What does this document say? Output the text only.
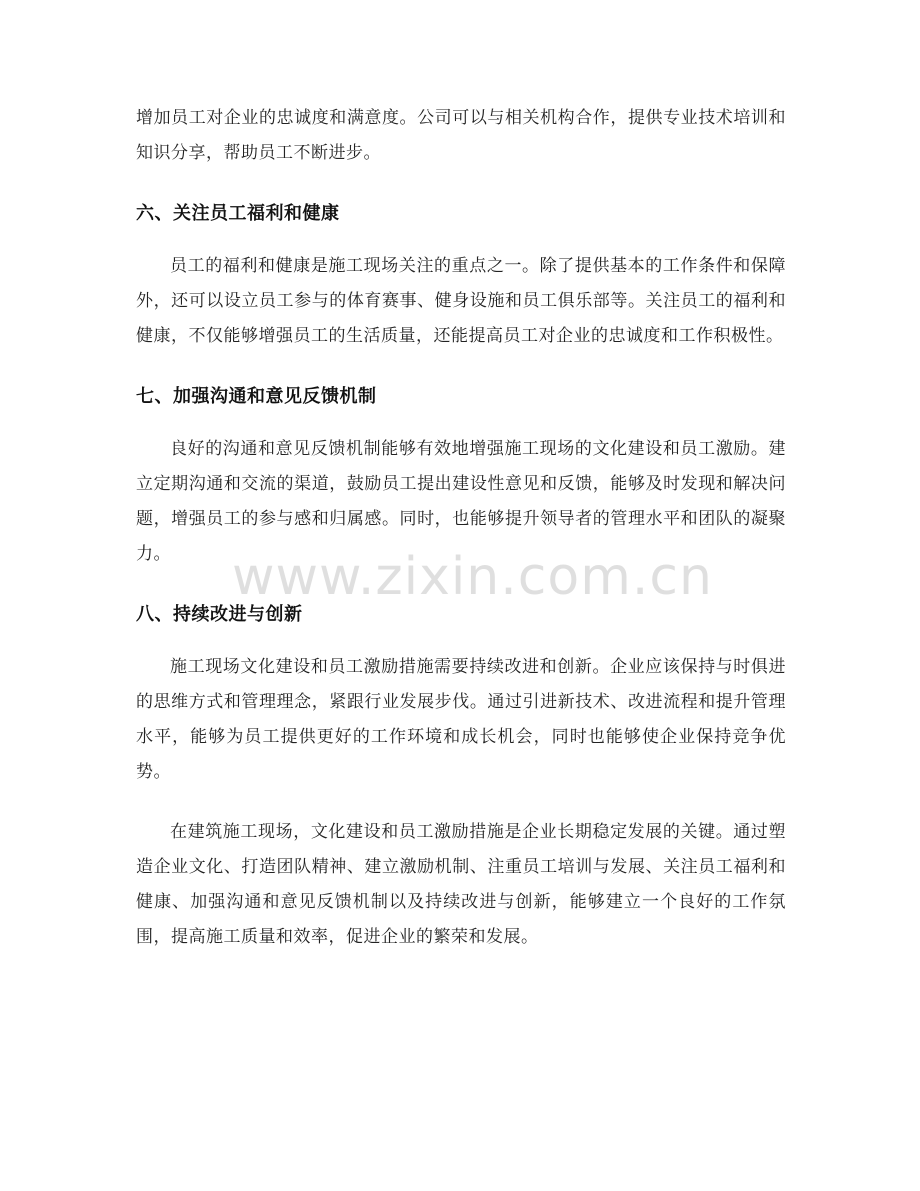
增加员工对企业的忠诚度和满意度。公司可以与相关机构合作，提供专业技术培训和知识分享，帮助员工不断进步。

六、关注员工福利和健康

员工的福利和健康是施工现场关注的重点之一。除了提供基本的工作条件和保障外，还可以设立员工参与的体育赛事、健身设施和员工俱乐部等。关注员工的福利和健康，不仅能够增强员工的生活质量，还能提高员工对企业的忠诚度和工作积极性。

七、加强沟通和意见反馈机制

良好的沟通和意见反馈机制能够有效地增强施工现场的文化建设和员工激励。建立定期沟通和交流的渠道，鼓励员工提出建设性意见和反馈，能够及时发现和解决问题，增强员工的参与感和归属感。同时，也能够提升领导者的管理水平和团队的凝聚力。

八、持续改进与创新

施工现场文化建设和员工激励措施需要持续改进和创新。企业应该保持与时俱进的思维方式和管理理念，紧跟行业发展步伐。通过引进新技术、改进流程和提升管理水平，能够为员工提供更好的工作环境和成长机会，同时也能够使企业保持竞争优势。

在建筑施工现场，文化建设和员工激励措施是企业长期稳定发展的关键。通过塑造企业文化、打造团队精神、建立激励机制、注重员工培训与发展、关注员工福利和健康、加强沟通和意见反馈机制以及持续改进与创新，能够建立一个良好的工作氛围，提高施工质量和效率，促进企业的繁荣和发展。

www.zixin.com.cn
